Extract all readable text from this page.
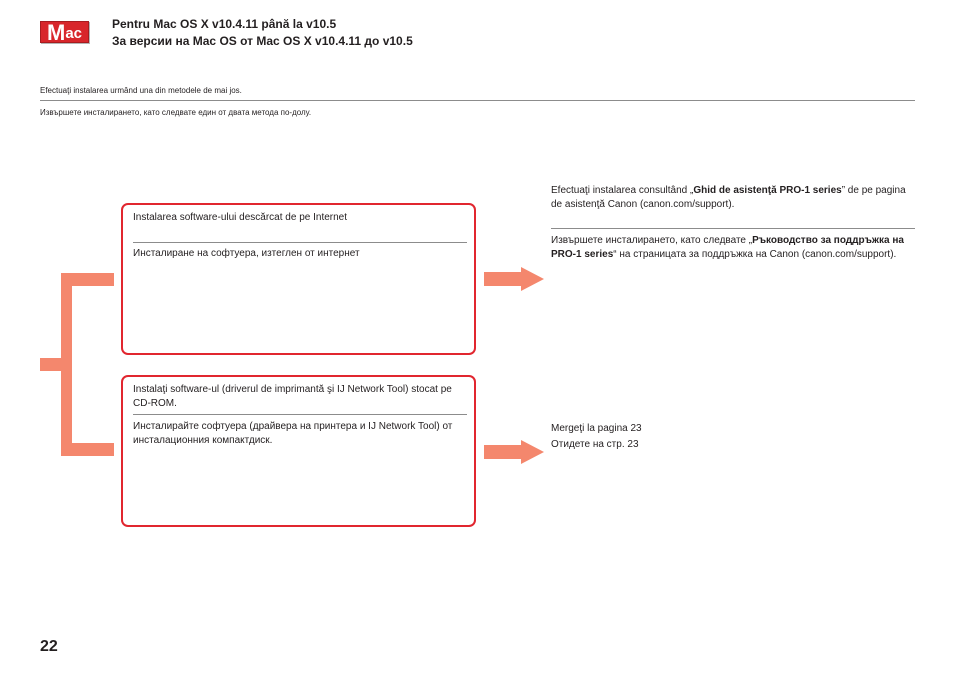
M ac
Pentru Mac OS X v10.4.11 până la v10.5
За версии на Mac OS от Mac OS X v10.4.11 до v10.5
Efectuaţi instalarea urmând una din metodele de mai jos.
Извършете инсталирането, като следвате един от двата метода по-долу.
Instalarea software-ului descărcat de pe Internet
Инсталиране на софтуера, изтеглен от интернет
Instalaţi software-ul (driverul de imprimantă şi IJ Network Tool) stocat pe CD-ROM.
Инсталирайте софтуера (драйвера на принтера и IJ Network Tool) от инсталационния компактдиск.
Efectuaţi instalarea consultând „Ghid de asistenţă PRO-1 series” de pe pagina de asistenţă Canon (canon.com/support).
Извършете инсталирането, като следвате „Ръководство за поддръжка на PRO-1 series“ на страницата за поддръжка на Canon (canon.com/support).
Mergeţi la pagina 23
Отидете на стр. 23
22
